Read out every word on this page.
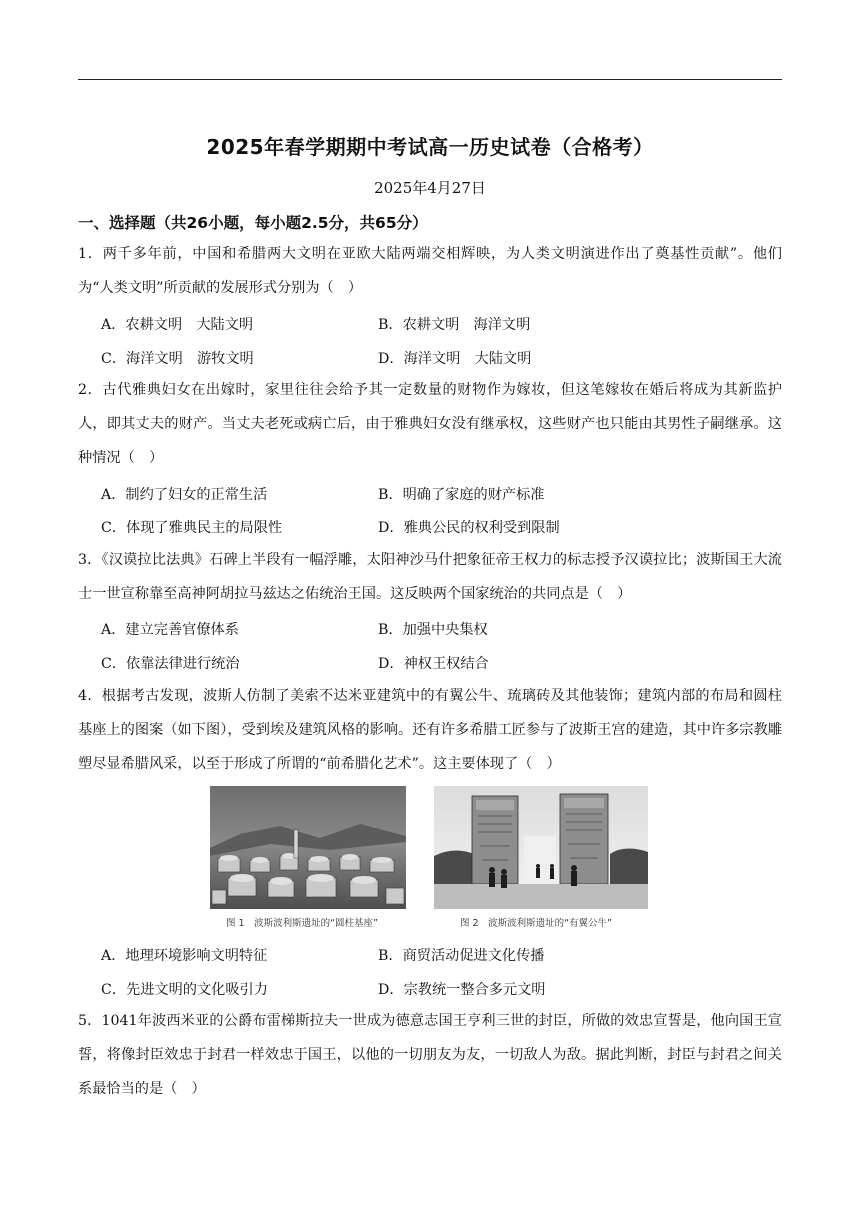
2025年春学期期中考试高一历史试卷（合格考）
2025年4月27日
一、选择题（共26小题，每小题2.5分，共65分）
1．两千多年前，中国和希腊两大文明在亚欧大陆两端交相辉映，为人类文明演进作出了奠基性贡献”。他们为“人类文明”所贡献的发展形式分别为（　）
A．农耕文明　大陆文明	B．农耕文明　海洋文明
C．海洋文明　游牧文明	D．海洋文明　大陆文明
2．古代雅典妇女在出嫁时，家里往往会给予其一定数量的财物作为嫁妆，但这笔嫁妆在婚后将成为其新监护人，即其丈夫的财产。当丈夫老死或病亡后，由于雅典妇女没有继承权，这些财产也只能由其男性子嗣继承。这种情况（　）
A．制约了妇女的正常生活	B．明确了家庭的财产标准
C．体现了雅典民主的局限性	D．雅典公民的权利受到限制
3．《汉谟拉比法典》石碑上半段有一幅浮雕，太阳神沙马什把象征帝王权力的标志授予汉谟拉比；波斯国王大流士一世宣称靠至高神阿胡拉马兹达之佑统治王国。这反映两个国家统治的共同点是（　）
A．建立完善官僚体系	B．加强中央集权
C．依靠法律进行统治	D．神权王权结合
4．根据考古发现，波斯人仿制了美索不达米亚建筑中的有翼公牛、琉璃砖及其他装饰；建筑内部的布局和圆柱基座上的图案（如下图），受到埃及建筑风格的影响。还有许多希腊工匠参与了波斯王宫的建造，其中许多宗教雕塑尽显希腊风采，以至于形成了所谓的“前希腊化艺术”。这主要体现了（　）
图 1　波斯波利斯遗址的“圆柱基座”	图 2　波斯波利斯遗址的“有翼公牛”
A．地理环境影响文明特征	B．商贸活动促进文化传播
C．先进文明的文化吸引力	D．宗教统一整合多元文明
5．1041年波西米亚的公爵布雷梯斯拉夫一世成为德意志国王亨利三世的封臣，所做的效忠宣誓是，他向国王宣誓，将像封臣效忠于封君一样效忠于国王，以他的一切朋友为友，一切敌人为敌。据此判断，封臣与封君之间关系最恰当的是（　）
